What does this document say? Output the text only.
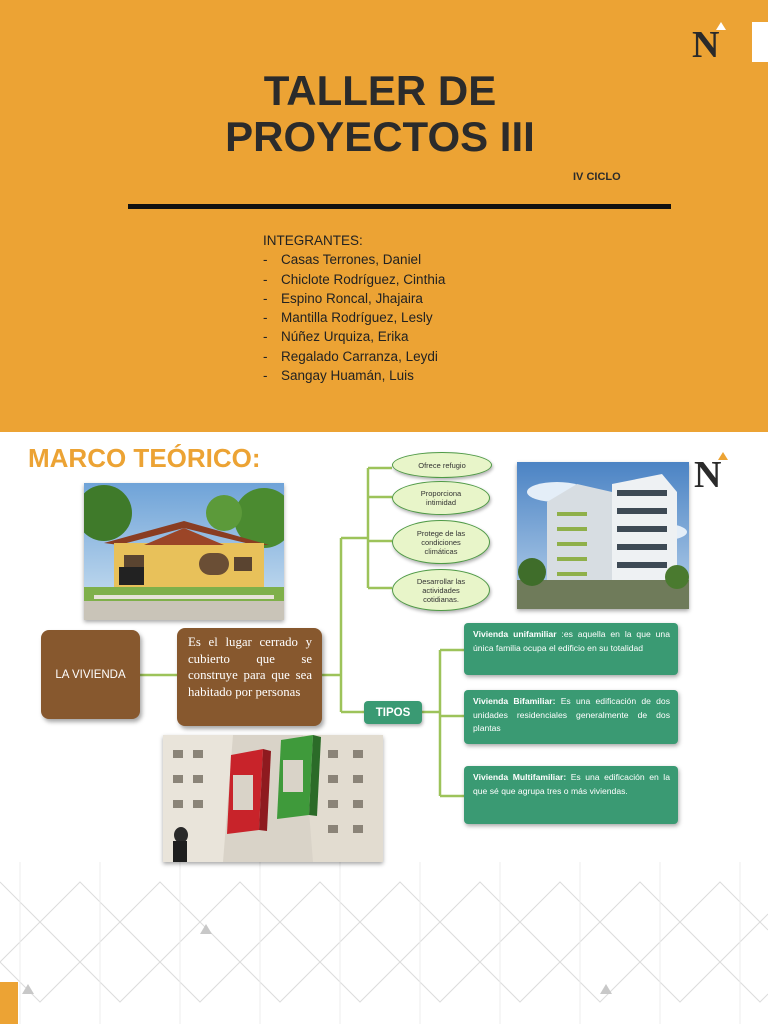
N
TALLER DE PROYECTOS III
IV CICLO
INTEGRANTES:
-	Casas Terrones, Daniel
-	Chiclote Rodríguez, Cinthia
-	Espino Roncal, Jhajaira
-	Mantilla Rodríguez, Lesly
-	Núñez Urquiza, Erika
-	Regalado Carranza, Leydi
-	Sangay Huamán, Luis
MARCO TEÓRICO:	N
LA VIVIENDA
Es el lugar cerrado y cubierto que se construye para que sea habitado por personas
Ofrece refugio
Proporciona intimidad
Protege de las condiciones climáticas
Desarrollar las actividades cotidianas.
TIPOS
Vivienda unifamiliar :es aquella en la que una única familia ocupa el edificio en su totalidad
Vivienda Bifamiliar: Es una edificación de dos unidades residenciales generalmente de dos plantas
Vivienda Multifamiliar: Es una edificación en la que sé que agrupa tres o más viviendas.
